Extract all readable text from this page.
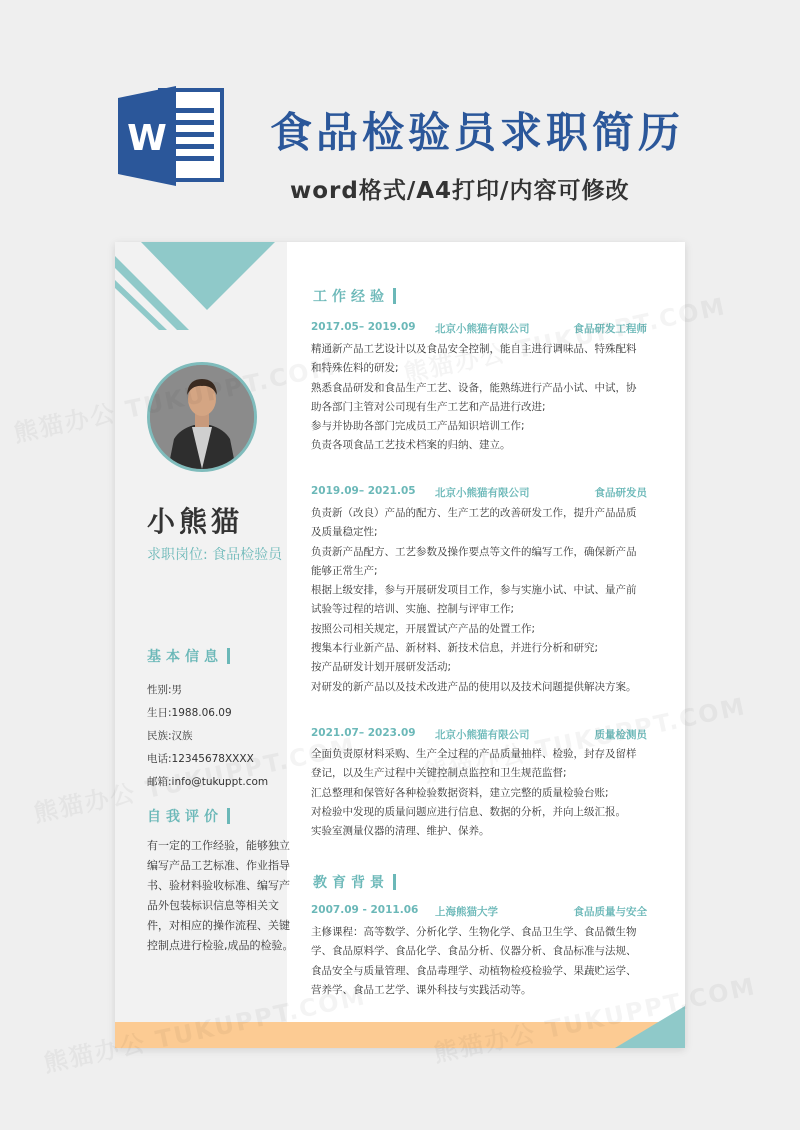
W 食品检验员求职简历
word格式/A4打印/内容可修改
小熊猫
求职岗位: 食品检验员
基本信息
性别:男
生日:1988.06.09
民族:汉族
电话:12345678XXXX
邮箱:info@tukuppt.com
自我评价
有一定的工作经验，能够独立
编写产品工艺标准、作业指导
书、验材料验收标准、编写产
品外包装标识信息等相关文
件，对相应的操作流程、关键
控制点进行检验,成品的检验。
工作经验
2017.05– 2019.09 北京小熊猫有限公司	食品研发工程师
精通新产品工艺设计以及食品安全控制，能自主进行调味品、特殊配料
和特殊佐料的研发;
熟悉食品研发和食品生产工艺、设备，能熟练进行产品小试、中试，协
助各部门主管对公司现有生产工艺和产品进行改进;
参与并协助各部门完成员工产品知识培训工作;
负责各项食品工艺技术档案的归纳、建立。
2019.09– 2021.05 北京小熊猫有限公司	食品研发员
负责新（改良）产品的配方、生产工艺的改善研发工作，提升产品品质
及质量稳定性;
负责新产品配方、工艺参数及操作要点等文件的编写工作，确保新产品
能够正常生产;
根据上级安排，参与开展研发项目工作，参与实施小试、中试、量产前
试验等过程的培训、实施、控制与评审工作;
按照公司相关规定，开展置试产产品的处置工作;
搜集本行业新产品、新材料、新技术信息，并进行分析和研究;
按产品研发计划开展研发活动;
对研发的新产品以及技术改进产品的使用以及技术问题提供解决方案。
2021.07– 2023.09 北京小熊猫有限公司	质量检测员
全面负责原材料采购、生产全过程的产品质量抽样、检验，封存及留样
登记，以及生产过程中关键控制点监控和卫生规范监督;
汇总整理和保管好各种检验数据资料，建立完整的质量检验台账;
对检验中发现的质量问题应进行信息、数据的分析，并向上级汇报。
实验室测量仪器的清理、维护、保养。
教育背景
2007.09 - 2011.06 上海熊猫大学	食品质量与安全
主修课程：高等数学、分析化学、生物化学、食品卫生学、食品微生物
学、食品原料学、食品化学、食品分析、仪器分析、食品标准与法规、
食品安全与质量管理、食品毒理学、动植物检疫检验学、果蔬贮运学、
营养学、食品工艺学、课外科技与实践活动等。
